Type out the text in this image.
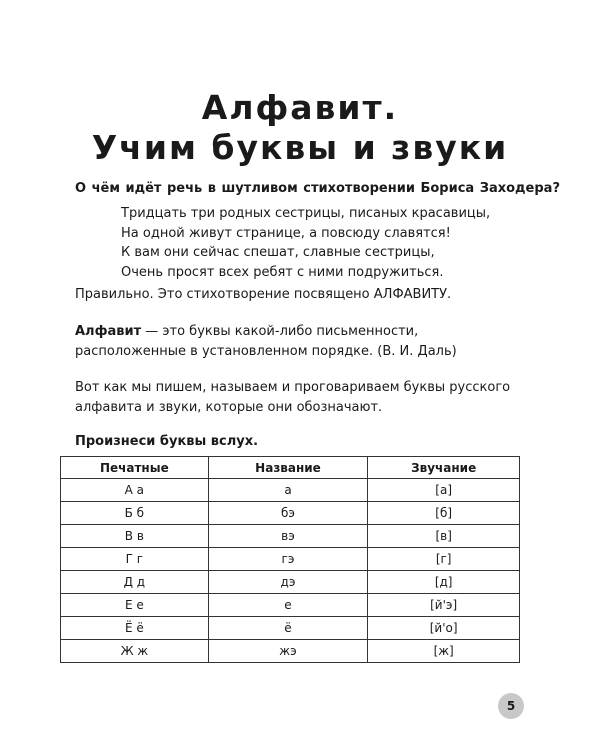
Алфавит.
Учим буквы и звуки

О чём идёт речь в шутливом стихотворении Бориса Заходера?

Тридцать три родных сестрицы, писаных красавицы,
На одной живут странице, а повсюду славятся!
К вам они сейчас спешат, славные сестрицы,
Очень просят всех ребят с ними подружиться.

Правильно. Это стихотворение посвящено АЛФАВИТУ.

Алфавит — это буквы какой-либо письменности, расположенные в установленном порядке. (В. И. Даль)

Вот как мы пишем, называем и проговариваем буквы русского алфавита и звуки, которые они обозначают.

Произнеси буквы вслух.

Печатные	Название	Звучание
А а	а	[а]
Б б	бэ	[б]
В в	вэ	[в]
Г г	гэ	[г]
Д д	дэ	[д]
Е е	е	[й'э]
Ё ё	ё	[й'о]
Ж ж	жэ	[ж]
5
